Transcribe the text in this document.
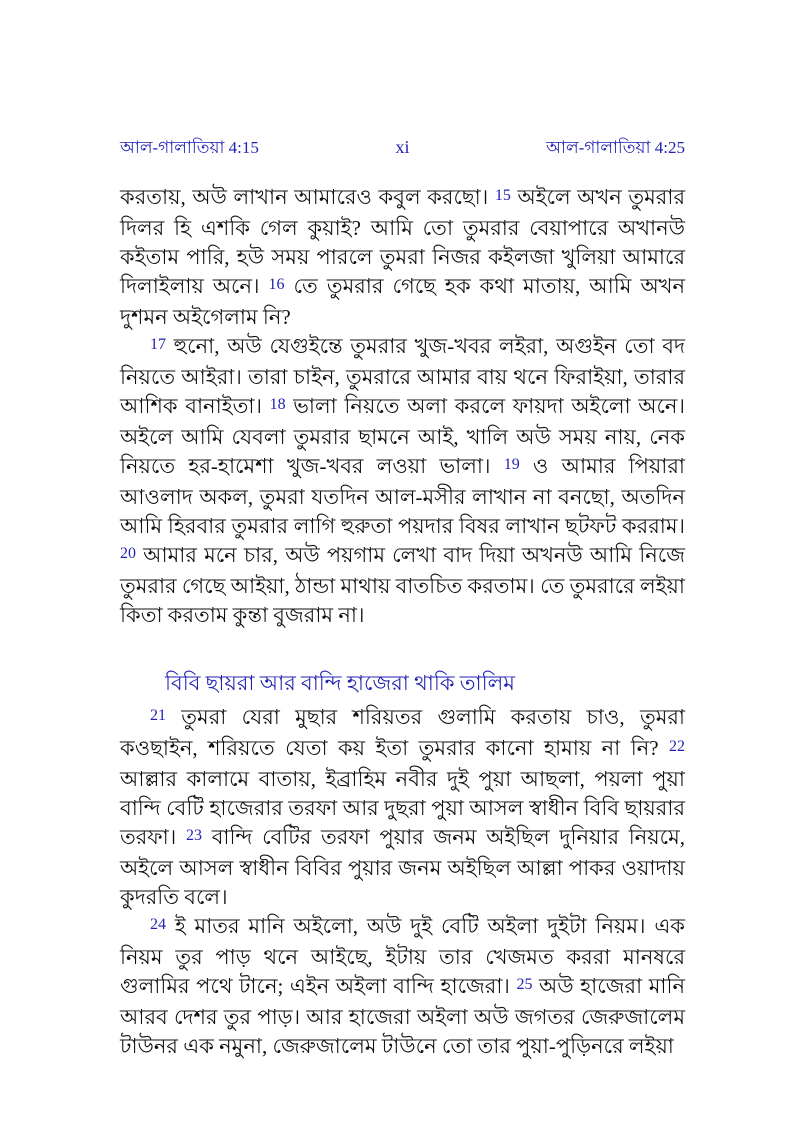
আল-গালাতিয়া 4:15	xi	আল-গালাতিয়া 4:25

করতায়, অউ লাখান আমারেও কবুল করছো। 15 অইলে অখন তুমরার দিলর হি এশকি গেল কুয়াই? আমি তো তুমরার বেয়াপারে অখানউ কইতাম পারি, হউ সময় পারলে তুমরা নিজর কইলজা খুলিয়া আমারে দিলাইলায় অনে। 16 তে তুমরার গেছে হক কথা মাতায়, আমি অখন দুশমন অইগেলাম নি?

17 হুনো, অউ যেগুইন্তে তুমরার খুজ-খবর লইরা, অগুইন তো বদ নিয়তে আইরা। তারা চাইন, তুমরারে আমার বায় থনে ফিরাইয়া, তারার আশিক বানাইতা। 18 ভালা নিয়তে অলা করলে ফায়দা অইলো অনে। অইলে আমি যেবলা তুমরার ছামনে আই, খালি অউ সময় নায়, নেক নিয়তে হর-হামেশা খুজ-খবর লওয়া ভালা। 19 ও আমার পিয়ারা আওলাদ অকল, তুমরা যতদিন আল-মসীর লাখান না বনছো, অতদিন আমি হিরবার তুমরার লাগি হুরুতা পয়দার বিষর লাখান ছটফট কররাম। 20 আমার মনে চার, অউ পয়গাম লেখা বাদ দিয়া অখনউ আমি নিজে তুমরার গেছে আইয়া, ঠান্ডা মাথায় বাতচিত করতাম। তে তুমরারে লইয়া কিতা করতাম কুন্তা বুজরাম না।

বিবি ছায়রা আর বান্দি হাজেরা থাকি তালিম

21 তুমরা যেরা মুছার শরিয়তর গুলামি করতায় চাও, তুমরা কওছাইন, শরিয়তে যেতা কয় ইতা তুমরার কানো হামায় না নি? 22 আল্লার কালামে বাতায়, ইব্রাহিম নবীর দুই পুয়া আছলা, পয়লা পুয়া বান্দি বেটি হাজেরার তরফা আর দুছরা পুয়া আসল স্বাধীন বিবি ছায়রার তরফা। 23 বান্দি বেটির তরফা পুয়ার জনম অইছিল দুনিয়ার নিয়মে, অইলে আসল স্বাধীন বিবির পুয়ার জনম অইছিল আল্লা পাকর ওয়াদায় কুদরতি বলে।

24 ই মাতর মানি অইলো, অউ দুই বেটি অইলা দুইটা নিয়ম। এক নিয়ম তুর পাড় থনে আইছে, ইটায় তার খেজমত কররা মানষরে গুলামির পথে টানে; এইন অইলা বান্দি হাজেরা। 25 অউ হাজেরা মানি আরব দেশর তুর পাড়। আর হাজেরা অইলা অউ জগতর জেরুজালেম টাউনর এক নমুনা, জেরুজালেম টাউনে তো তার পুয়া-পুড়িনরে লইয়া
